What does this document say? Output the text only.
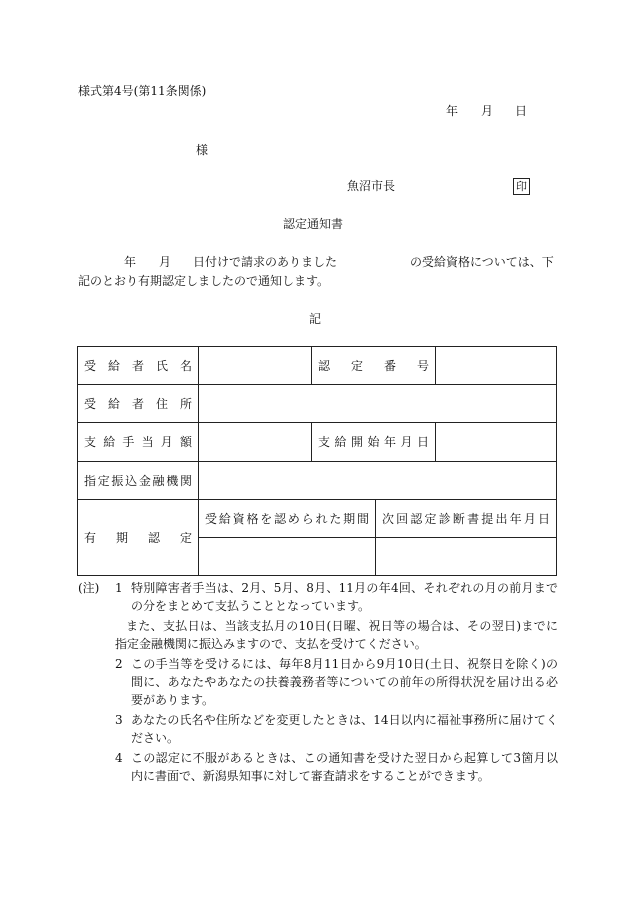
様式第4号(第11条関係)
年 月 日
様
魚沼市長	印
認定通知書
年 月 日付けで請求のありました	の受給資格については、下
記のとおり有期認定しましたので通知します。
記
受給者氏名		認定番号		
受給者住所				
支給手当月額		支給開始年月日		
指定振込金融機関				
有期認定	受給資格を認められた期間		次回認定診断書提出年月日	

(注) 1 特別障害者手当は、2月、5月、8月、11月の年4回、それぞれの月の前月までの分をまとめて支払うこととなっています。
また、支払日は、当該支払月の10日(日曜、祝日等の場合は、その翌日)までに指定金融機関に振込みますので、支払を受けてください。
2 この手当等を受けるには、毎年8月11日から9月10日(土日、祝祭日を除く)の間に、あなたやあなたの扶養義務者等についての前年の所得状況を届け出る必要があります。
3 あなたの氏名や住所などを変更したときは、14日以内に福祉事務所に届けてください。
4 この認定に不服があるときは、この通知書を受けた翌日から起算して3箇月以内に書面で、新潟県知事に対して審査請求をすることができます。
